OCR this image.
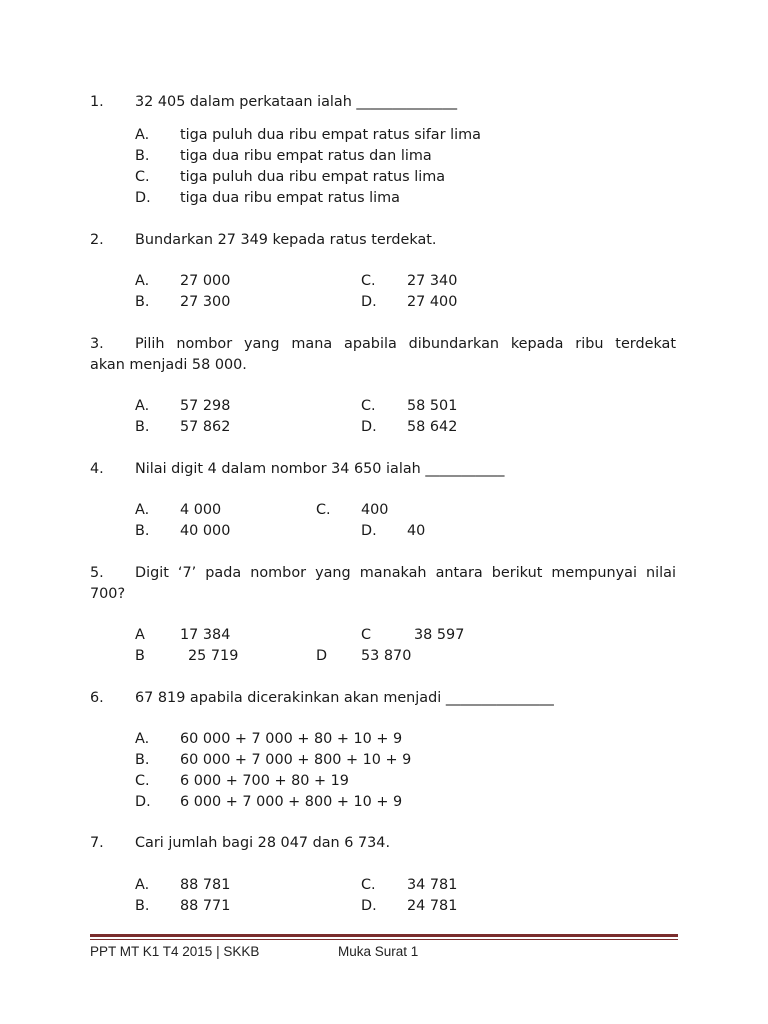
1. 32 405 dalam perkataan ialah ______________
A. tiga puluh dua ribu empat ratus sifar lima
B. tiga dua ribu empat ratus dan lima
C. tiga puluh dua ribu empat ratus lima
D. tiga dua ribu empat ratus lima
2. Bundarkan 27 349 kepada ratus terdekat.
A. 27 000	C. 27 340
B. 27 300	D. 27 400
3. Pilih nombor yang mana apabila dibundarkan kepada ribu terdekat
akan menjadi 58 000.
A. 57 298	C. 58 501
B. 57 862	D. 58 642
4. Nilai digit 4 dalam nombor 34 650 ialah ___________
A. 4 000	C. 400
B. 40 000	D. 40
5. Digit ‘7’ pada nombor yang manakah antara berikut mempunyai nilai
700?
A 17 384	C	38 597
B	25 719	D 53 870
6. 67 819 apabila dicerakinkan akan menjadi _______________
A. 60 000 + 7 000 + 80 + 10 + 9
B. 60 000 + 7 000 + 800 + 10 + 9
C. 6 000 + 700 + 80 + 19
D. 6 000 + 7 000 + 800 + 10 + 9
7. Cari jumlah bagi 28 047 dan 6 734.
A. 88 781	C. 34 781
B. 88 771	D. 24 781
PPT MT K1 T4 2015 | SKKB	Muka Surat 1
